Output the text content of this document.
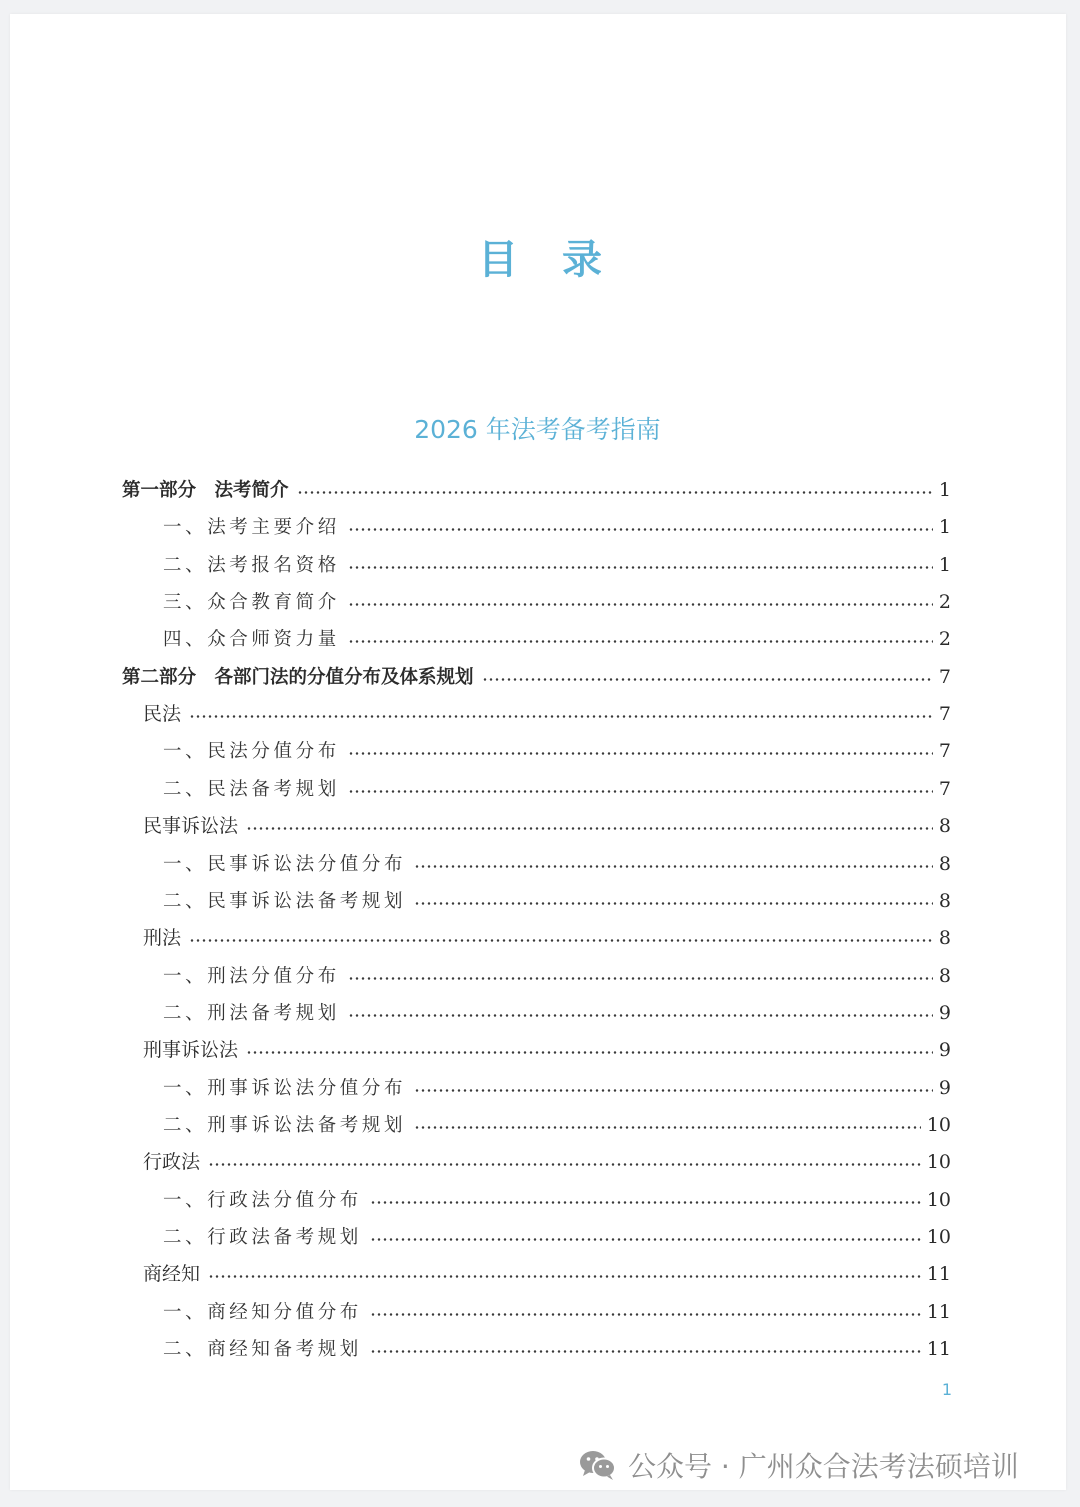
目录
2026 年法考备考指南
第一部分　法考简介	1
一、法考主要介绍	1
二、法考报名资格	1
三、众合教育简介	2
四、众合师资力量	2
第二部分　各部门法的分值分布及体系规划	7
民法	7
一、民法分值分布	7
二、民法备考规划	7
民事诉讼法	8
一、民事诉讼法分值分布	8
二、民事诉讼法备考规划	8
刑法	8
一、刑法分值分布	8
二、刑法备考规划	9
刑事诉讼法	9
一、刑事诉讼法分值分布	9
二、刑事诉讼法备考规划	10
行政法	10
一、行政法分值分布	10
二、行政法备考规划	10
商经知	11
一、商经知分值分布	11
二、商经知备考规划	11
1
公众号 · 广州众合法考法硕培训
